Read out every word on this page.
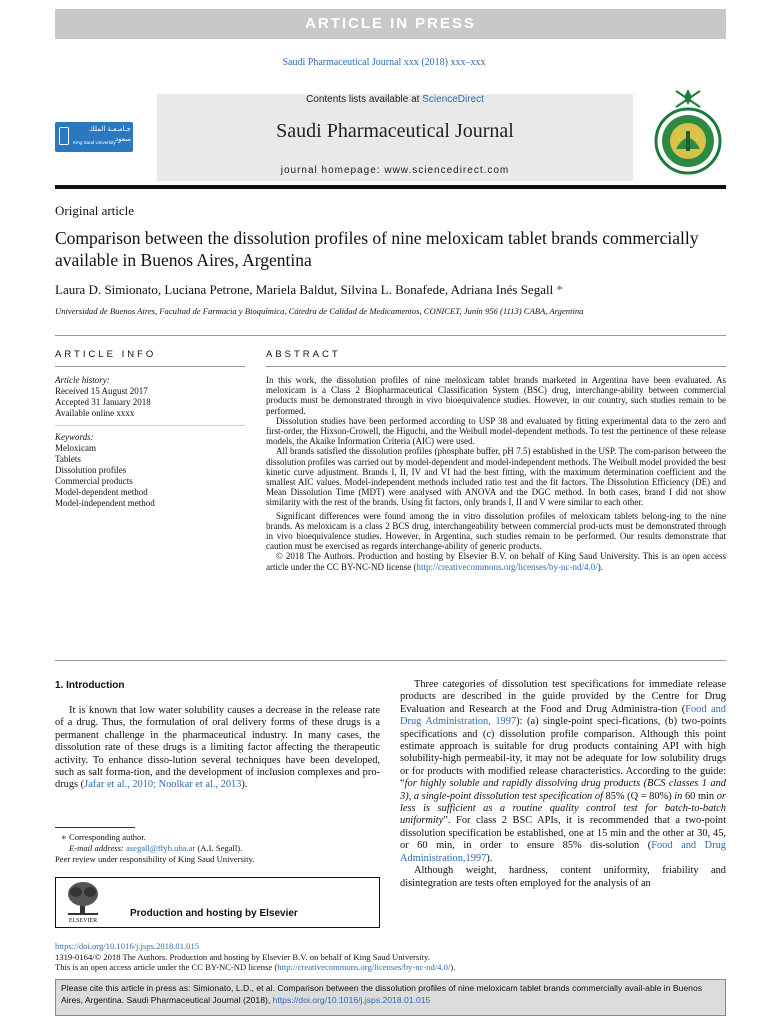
ARTICLE IN PRESS
Saudi Pharmaceutical Journal xxx (2018) xxx–xxx
جـامـعـة الملك سعود
King Saud University
Contents lists available at ScienceDirect
Saudi Pharmaceutical Journal
journal homepage: www.sciencedirect.com
Original article
Comparison between the dissolution profiles of nine meloxicam tablet brands commercially available in Buenos Aires, Argentina
Laura D. Simionato, Luciana Petrone, Mariela Baldut, Silvina L. Bonafede, Adriana Inés Segall *
Universidad de Buenos Aires, Facultad de Farmacia y Bioquímica, Cátedra de Calidad de Medicamentos, CONICET, Junín 956 (1113) CABA, Argentina
ARTICLE INFO
Article history:
Received 15 August 2017
Accepted 31 January 2018
Available online xxxx
Keywords:
Meloxicam
Tablets
Dissolution profiles
Commercial products
Model-dependent method
Model-independent method
ABSTRACT

In this work, the dissolution profiles of nine meloxicam tablet brands marketed in Argentina have been evaluated. As meloxicam is a Class 2 Biopharmaceutical Classification System (BSC) drug, interchange-ability between commercial products must be demonstrated through in vivo bioequivalence studies. However, in our country, such studies remain to be performed.

Dissolution studies have been performed according to USP 38 and evaluated by fitting experimental data to the zero and first-order, the Hixson-Crowell, the Higuchi, and the Weibull model-dependent methods. To test the pertinence of these release models, the Akaike Information Criteria (AIC) were used.

All brands satisfied the dissolution profiles (phosphate buffer, pH 7.5) established in the USP. The com-parison between the dissolution profiles was carried out by model-dependent and model-independent methods. The Weibull model provided the best kinetic curve adjustment. Brands I, II, IV and VI had the best fitting, with the maximum determination coefficient and the smallest AIC values. Model-independent methods included ratio test and the fit factors. The Dissolution Efficiency (DE) and Mean Dissolution Time (MDT) were analysed with ANOVA and the DGC method. In both cases, brand I did not show similarity with the rest of the brands. Using fit factors, only brands I, II and V were similar to each other.

Significant differences were found among the in vitro dissolution profiles of meloxicam tablets belong-ing to the nine brands. As meloxicam is a class 2 BCS drug, interchangeability between commercial prod-ucts must be demonstrated through in vivo bioequivalence studies. However, in Argentina, such studies remain to be performed. Our results demonstrate that caution must be exercised as regards interchange-ability of generic products.

© 2018 The Authors. Production and hosting by Elsevier B.V. on behalf of King Saud University. This is an open access article under the CC BY-NC-ND license (http://creativecommons.org/licenses/by-nc-nd/4.0/).

1. Introduction

It is known that low water solubility causes a decrease in the release rate of a drug. Thus, the formulation of oral delivery forms of these drugs is a permanent challenge in the pharmaceutical industry. In many cases, the dissolution rate of these drugs is a limiting factor affecting the therapeutic activity. To enhance disso-lution several techniques have been developed, such as salt forma-tion, and the development of inclusion complexes and pro-drugs (Jafar et al., 2010; Noolkar et al., 2013).

∗ Corresponding author.
E-mail address: asegall@ffyb.uba.ar (A.I. Segall).
Peer review under responsibility of King Saud University.
ELSEVIER
Production and hosting by Elsevier

Three categories of dissolution test specifications for immediate release products are described in the guide provided by the Centre for Drug Evaluation and Research at the Food and Drug Administra-tion (Food and Drug Administration, 1997): (a) single-point speci-fications, (b) two-points specifications and (c) dissolution profile comparison. Although this point estimate approach is suitable for drug products containing API with high solubility-high permeabil-ity, it may not be adequate for low solubility drugs or for products with modified release characteristics. According to the guide: “for highly soluble and rapidly dissolving drug products (BCS classes 1 and 3), a single-point dissolution test specification of 85% (Q = 80%) in 60 min or less is sufficient as a routine quality control test for batch-to-batch uniformity”. For class 2 BSC APIs, it is recommended that a two-point dissolution specification be established, one at 15 min and the other at 30, 45, or 60 min, in order to ensure 85% dis-solution (Food and Drug Administration,1997).

Although weight, hardness, content uniformity, friability and disintegration are tests often employed for the analysis of an

https://doi.org/10.1016/j.jsps.2018.01.015
1319-0164/© 2018 The Authors. Production and hosting by Elsevier B.V. on behalf of King Saud University.
This is an open access article under the CC BY-NC-ND license (http://creativecommons.org/licenses/by-nc-nd/4.0/).
Please cite this article in press as: Simionato, L.D., et al. Comparison between the dissolution profiles of nine meloxicam tablet brands commercially avail-able in Buenos Aires, Argentina. Saudi Pharmaceutical Journal (2018), https://doi.org/10.1016/j.jsps.2018.01.015
